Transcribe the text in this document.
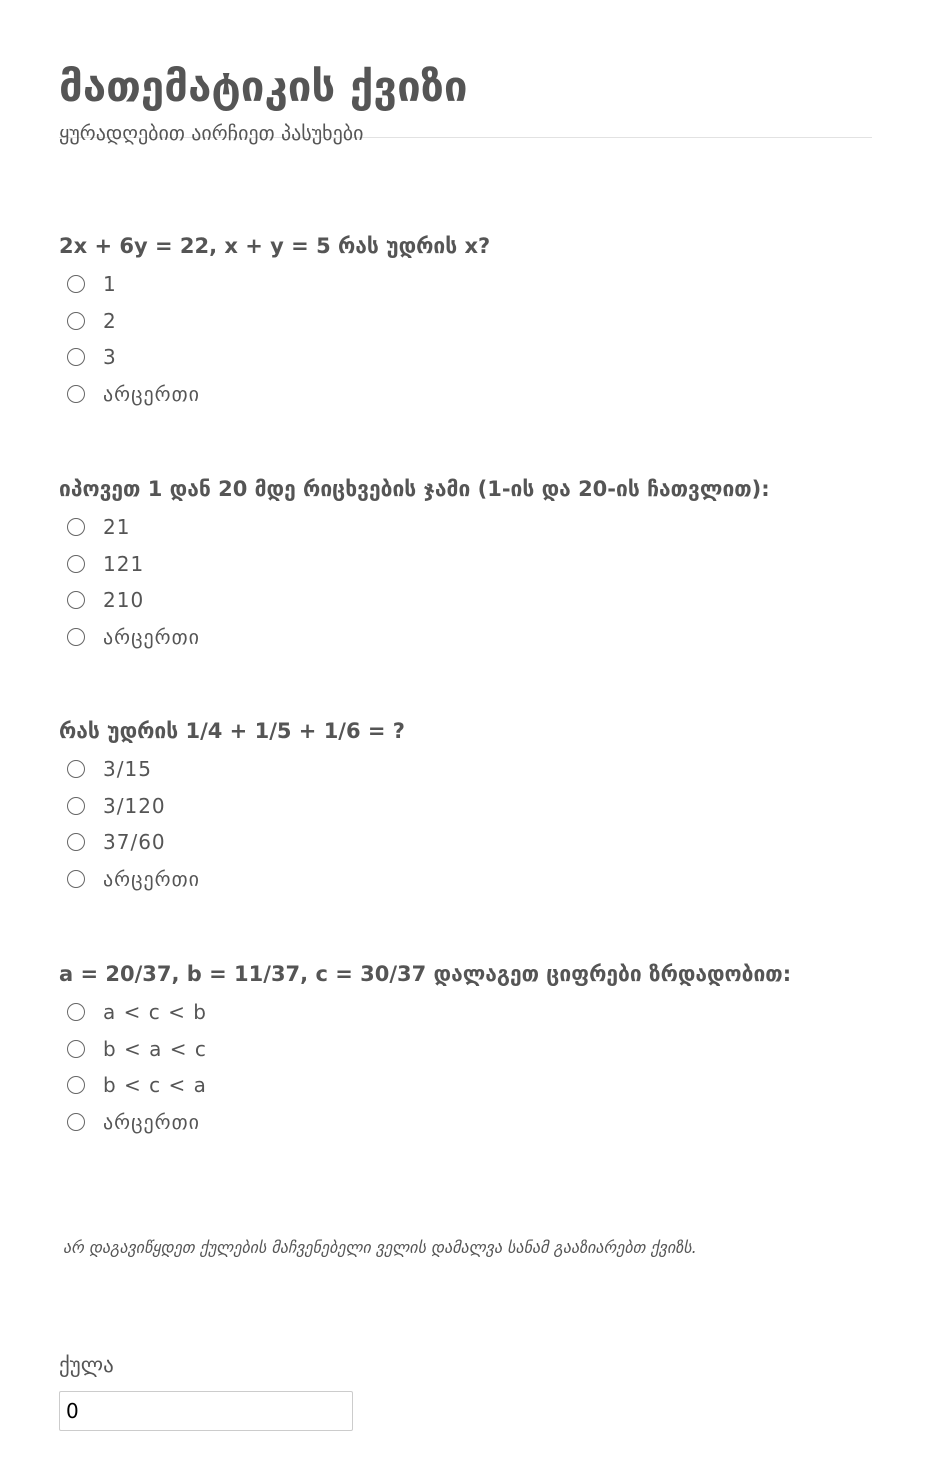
მათემატიკის ქვიზი

ყურადღებით აირჩიეთ პასუხები

2x + 6y = 22, x + y = 5 რას უდრის x?

1
2
3
არცერთი

იპოვეთ 1 დან 20 მდე რიცხვების ჯამი (1-ის და 20-ის ჩათვლით):

21
121
210
არცერთი

რას უდრის 1/4 + 1/5 + 1/6 = ?

3/15
3/120
37/60
არცერთი

a = 20/37, b = 11/37, c = 30/37 დალაგეთ ციფრები ზრდადობით:

a < c < b
b < a < c
b < c < a
არცერთი

არ დაგავიწყდეთ ქულების მაჩვენებელი ველის დამალვა სანამ გააზიარებთ ქვიზს.

ქულა

0
